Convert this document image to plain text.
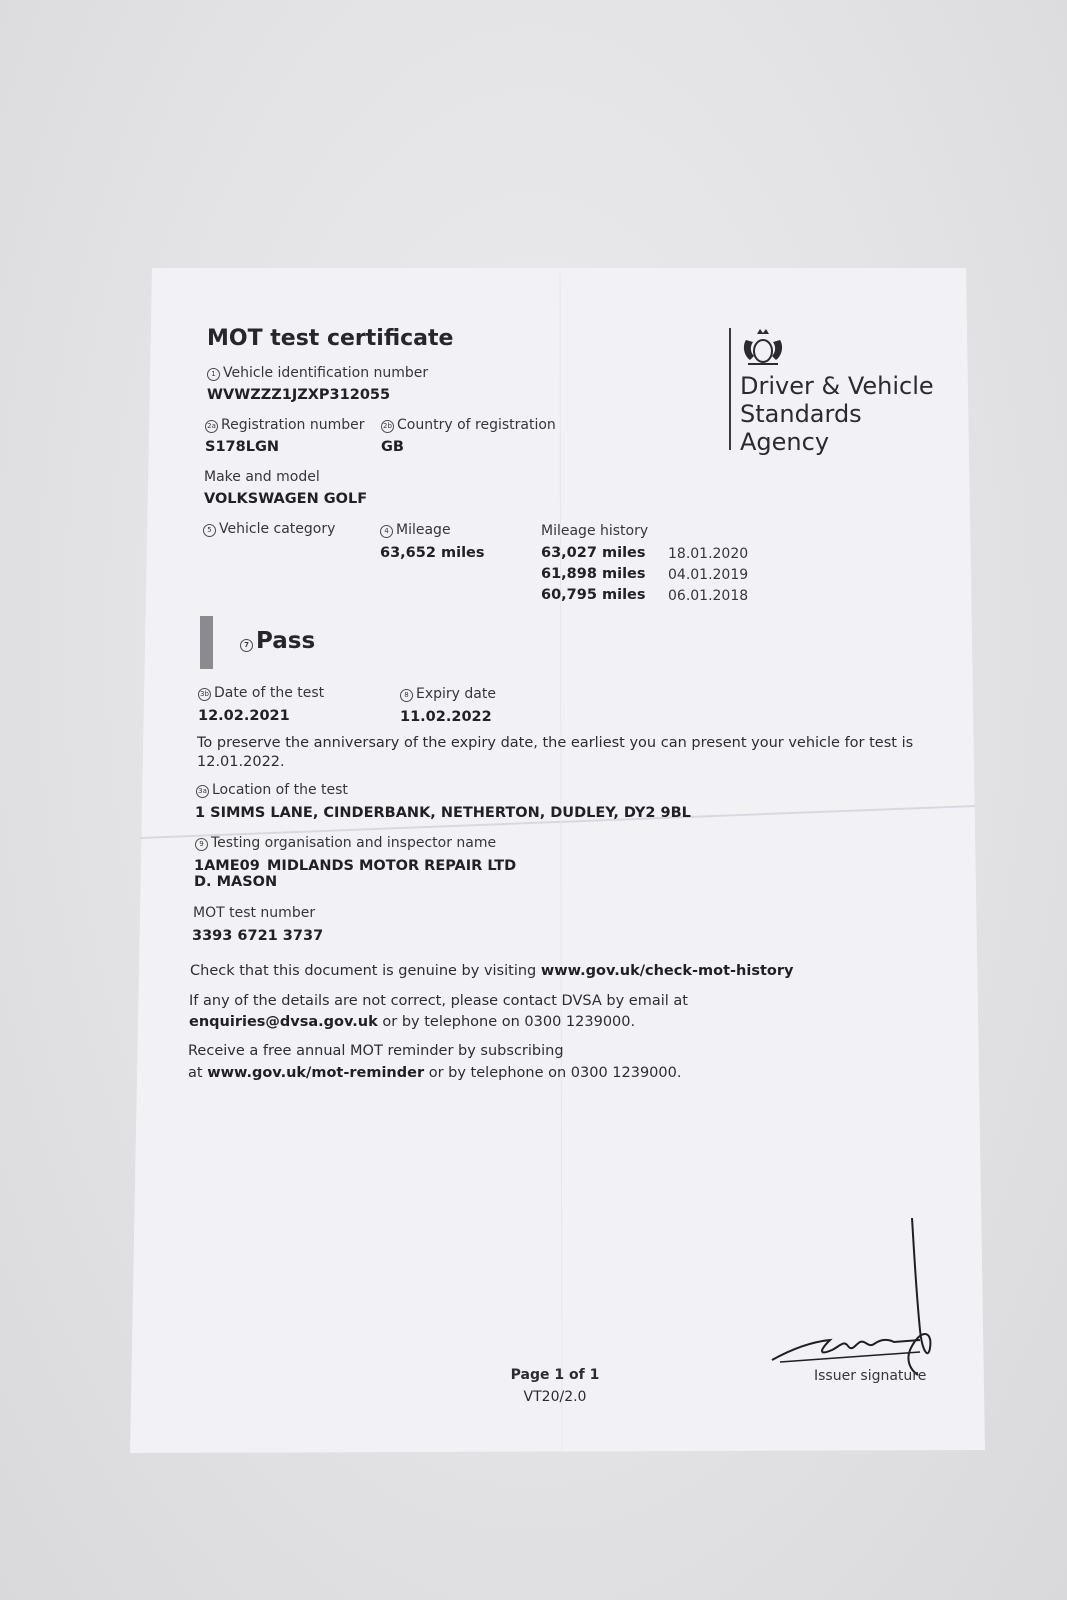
MOT test certificate
Driver & Vehicle
Standards
Agency
1 Vehicle identification number
WVWZZZ1JZXP312055
2a Registration number
S178LGN
2b Country of registration
GB
Make and model
VOLKSWAGEN GOLF
5 Vehicle category	4 Mileage
63,652 miles
Mileage history
63,027 miles 18.01.2020
61,898 miles 04.01.2019
60,795 miles 06.01.2018
7 Pass
3b Date of the test
12.02.2021
8 Expiry date
11.02.2022
To preserve the anniversary of the expiry date, the earliest you can present your vehicle for test is
12.01.2022.
3a Location of the test
1 SIMMS LANE, CINDERBANK, NETHERTON, DUDLEY, DY2 9BL
9 Testing organisation and inspector name
1AME09 MIDLANDS MOTOR REPAIR LTD
D. MASON
MOT test number
3393 6721 3737
Check that this document is genuine by visiting www.gov.uk/check-mot-history
If any of the details are not correct, please contact DVSA by email at
enquiries@dvsa.gov.uk or by telephone on 0300 1239000.
Receive a free annual MOT reminder by subscribing
at www.gov.uk/mot-reminder or by telephone on 0300 1239000.
Page 1 of 1
VT20/2.0
Issuer signature
